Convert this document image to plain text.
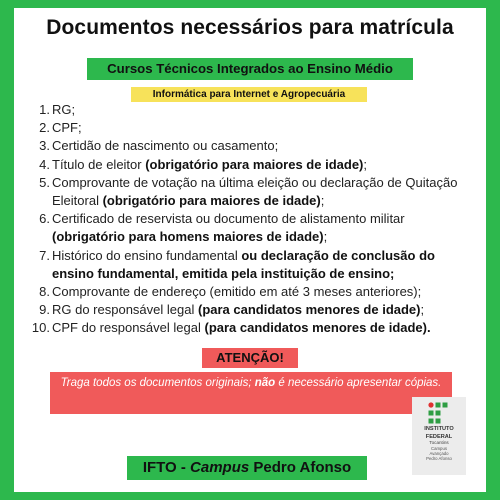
Documentos necessários para matrícula
Cursos Técnicos Integrados ao Ensino Médio
Informática para Internet e Agropecuária
1. RG;
2. CPF;
3. Certidão de nascimento ou casamento;
4. Título de eleitor (obrigatório para maiores de idade);
5. Comprovante de votação na última eleição ou declaração de Quitação Eleitoral (obrigatório para maiores de idade);
6. Certificado de reservista ou documento de alistamento militar (obrigatório para homens maiores de idade);
7. Histórico do ensino fundamental ou declaração de conclusão do ensino fundamental, emitida pela instituição de ensino;
8. Comprovante de endereço (emitido em até 3 meses anteriores);
9. RG do responsável legal (para candidatos menores de idade);
10. CPF do responsável legal (para candidatos menores de idade).
ATENÇÃO!
Traga todos os documentos originais; não é necessário apresentar cópias.
IFTO - Campus Pedro Afonso
INSTITUTO
FEDERAL
Tocantins
Campus
Avançado
Pedro Afonso
